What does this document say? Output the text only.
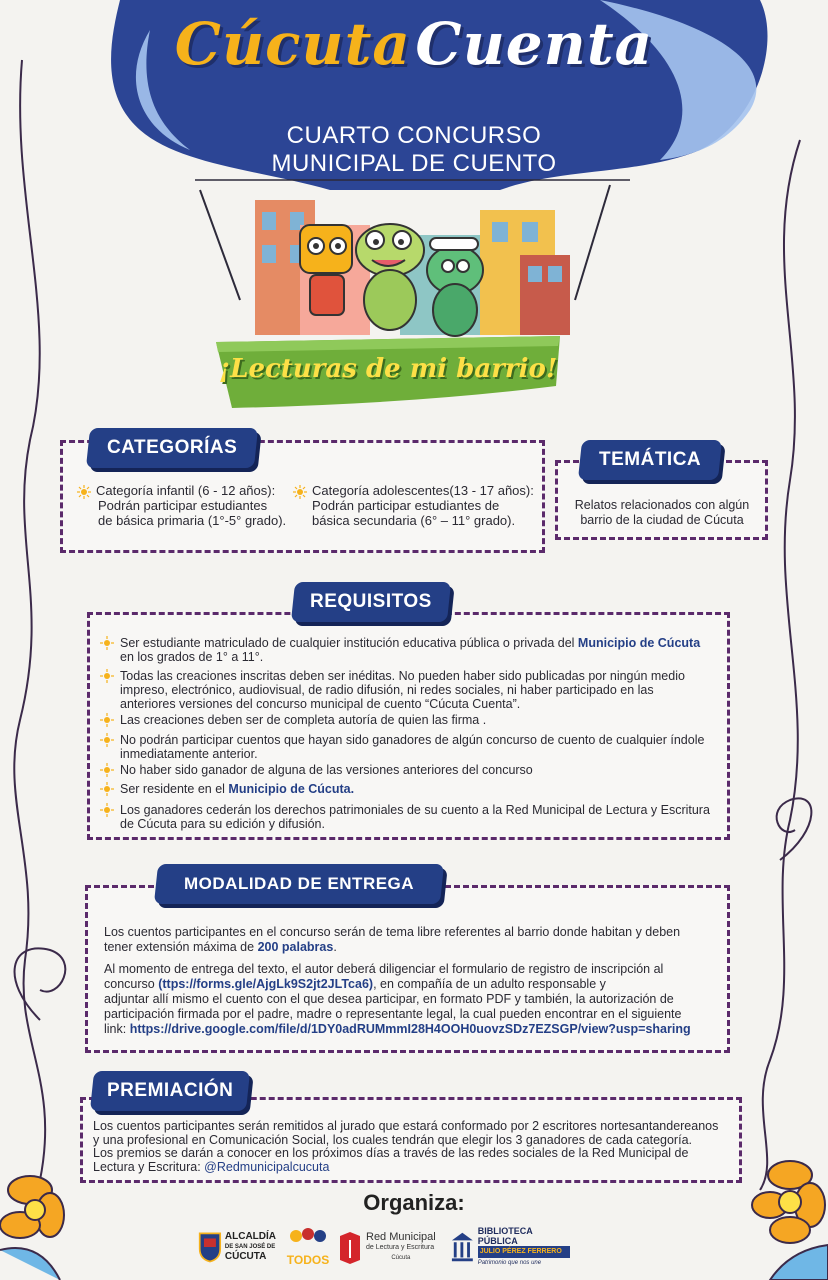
Cúcuta Cuenta
CUARTO CONCURSO
MUNICIPAL DE CUENTO
¡Lecturas de mi barrio!
CATEGORÍAS
Categoría infantil (6 - 12 años):
Podrán participar estudiantes
de básica primaria (1°-5° grado).
Categoría adolescentes(13 - 17 años):
Podrán participar estudiantes de
básica secundaria (6° – 11° grado).
TEMÁTICA
Relatos relacionados con algún
barrio de la ciudad de Cúcuta
REQUISITOS

Ser estudiante matriculado de cualquier institución educativa pública o privada del Municipio de Cúcuta
en los grados de 1° a 11°.

Todas las creaciones inscritas deben ser inéditas. No pueden haber sido publicadas por ningún medio
impreso, electrónico, audiovisual, de radio difusión, ni redes sociales, ni haber participado en las
anteriores versiones del concurso municipal de cuento “Cúcuta Cuenta”.

Las creaciones deben ser de completa autoría de quien las firma .

No podrán participar cuentos que hayan sido ganadores de algún concurso de cuento de cualquier índole
inmediatamente anterior.

No haber sido ganador de alguna de las versiones anteriores del concurso

Ser residente en el Municipio de Cúcuta.

Los ganadores cederán los derechos patrimoniales de su cuento a la Red Municipal de Lectura y Escritura
de Cúcuta para su edición y difusión.

MODALIDAD DE ENTREGA
Los cuentos participantes en el concurso serán de tema libre referentes al barrio donde habitan y deben
tener extensión máxima de 200 palabras.
Al momento de entrega del texto, el autor deberá diligenciar el formulario de registro de inscripción al
concurso (ttps://forms.gle/AjgLk9S2jt2JLTca6), en compañía de un adulto responsable y
adjuntar allí mismo el cuento con el que desea participar, en formato PDF y también, la autorización de
participación firmada por el padre, madre o representante legal, la cual pueden encontrar en el siguiente
link: https://drive.google.com/file/d/1DY0adRUMmmI28H4OOH0uovzSDz7EZSGP/view?usp=sharing
PREMIACIÓN
Los cuentos participantes serán remitidos al jurado que estará conformado por 2 escritores nortesantandereanos
y una profesional en Comunicación Social, los cuales tendrán que elegir los 3 ganadores de cada categoría.
Los premios se darán a conocer en los próximos días a través de las redes sociales de la Red Municipal de
Lectura y Escritura: @Redmunicipalcucuta
Organiza:
ALCALDÍA
DE SAN JOSÉ DE
CÚCUTA	TODOS
Red Municipal
de Lectura y Escritura
Cúcuta
BIBLIOTECA PÚBLICA
JULIO PÉREZ FERRERO
Patrimonio que nos une
